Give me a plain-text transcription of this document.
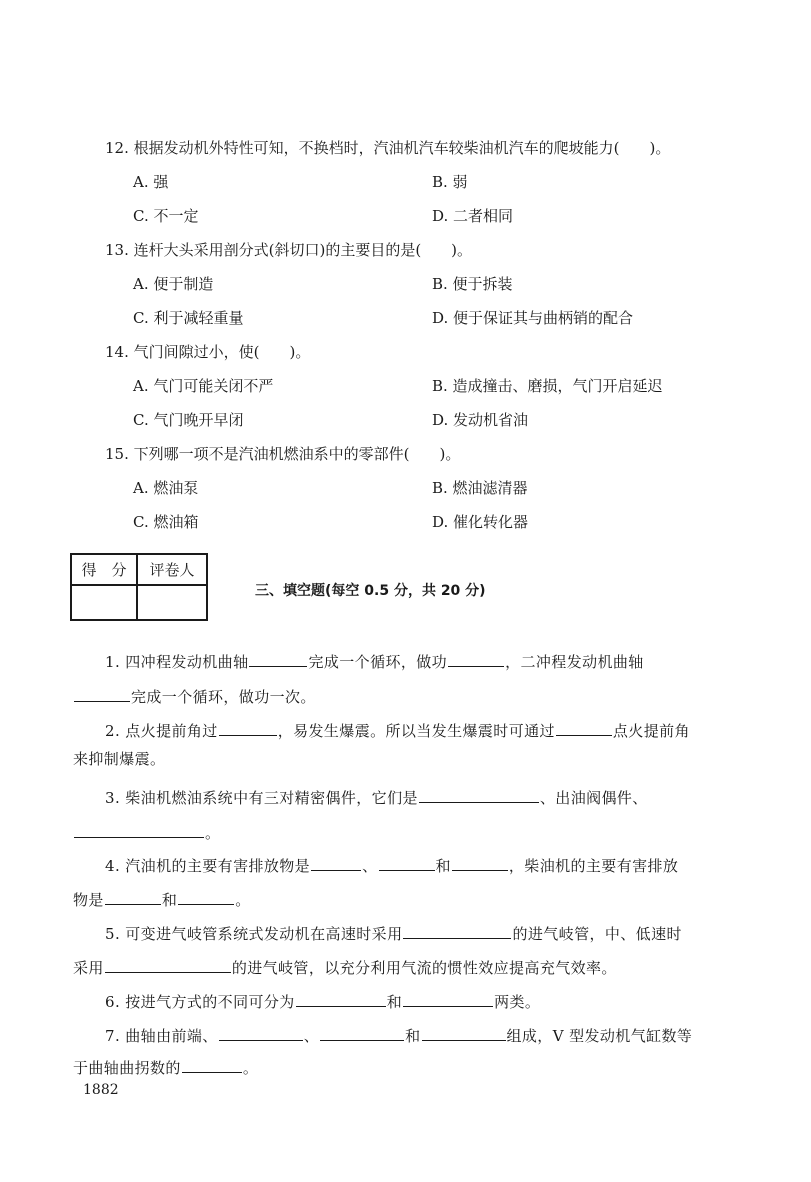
12. 根据发动机外特性可知，不换档时，汽油机汽车较柴油机汽车的爬坡能力(　　)。
A. 强	B. 弱
C. 不一定	D. 二者相同
13. 连杆大头采用剖分式(斜切口)的主要目的是(　　)。
A. 便于制造	B. 便于拆装
C. 利于减轻重量	D. 便于保证其与曲柄销的配合
14. 气门间隙过小，使(　　)。
A. 气门可能关闭不严	B. 造成撞击、磨损，气门开启延迟
C. 气门晚开早闭	D. 发动机省油
15. 下列哪一项不是汽油机燃油系中的零部件(　　)。
A. 燃油泵	B. 燃油滤清器
C. 燃油箱	D. 催化转化器
得　分	评卷人

三、填空题(每空 0.5 分，共 20 分)
1. 四冲程发动机曲轴	完成一个循环，做功	，二冲程发动机曲轴
完成一个循环，做功一次。
2. 点火提前角过	，易发生爆震。所以当发生爆震时可通过	点火提前角
来抑制爆震。
3. 柴油机燃油系统中有三对精密偶件，它们是	、出油阀偶件、
。
4. 汽油机的主要有害排放物是	、	和	，柴油机的主要有害排放
物是	和	。
5. 可变进气岐管系统式发动机在高速时采用	的进气岐管，中、低速时
采用	的进气岐管，以充分利用气流的惯性效应提高充气效率。
6. 按进气方式的不同可分为	和	两类。
7. 曲轴由前端、	、	和	组成，V 型发动机气缸数等
于曲轴曲拐数的	。
1882
